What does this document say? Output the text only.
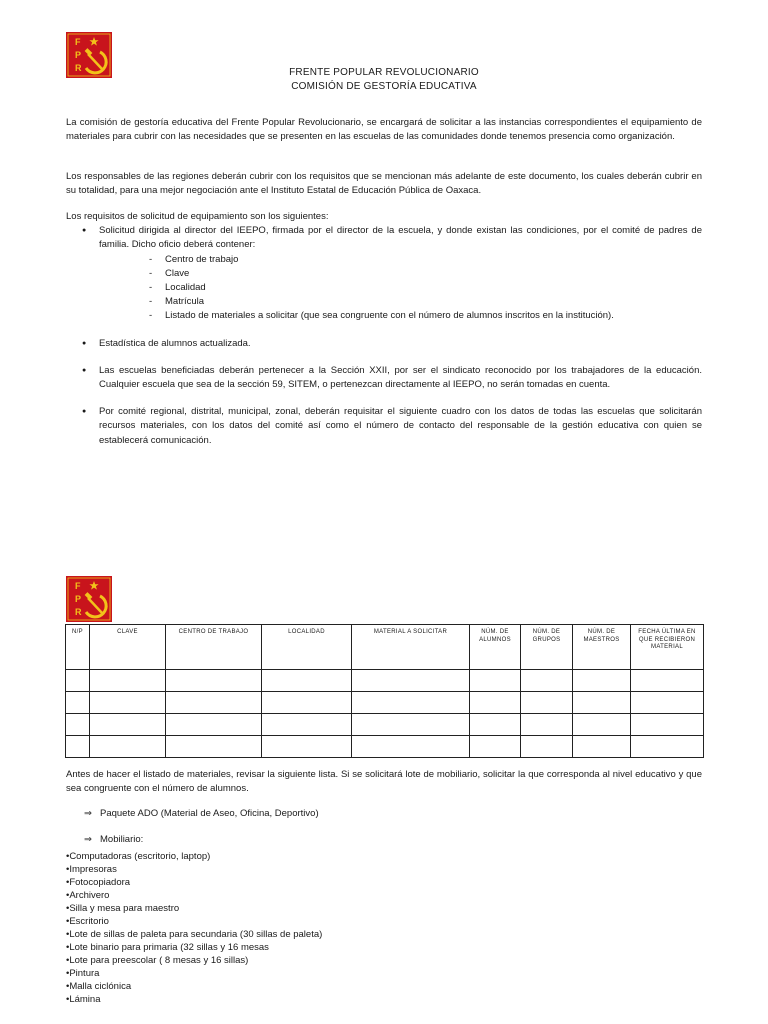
F
P
R	FRENTE POPULAR REVOLUCIONARIO
COMISIÓN DE GESTORÍA EDUCATIVA
La comisión de gestoría educativa del Frente Popular Revolucionario, se encargará de solicitar a las instancias correspondientes el equipamiento de materiales para cubrir con las necesidades que se presenten en las escuelas de las comunidades donde tenemos presencia como organización.
Los responsables de las regiones deberán cubrir con los requisitos que se mencionan más adelante de este documento, los cuales deberán cubrir en su totalidad, para una mejor negociación ante el Instituto Estatal de Educación Pública de Oaxaca.
Los requisitos de solicitud de equipamiento son los siguientes:
● Solicitud dirigida al director del IEEPO, firmada por el director de la escuela, y donde existan las condiciones, por el comité de padres de familia. Dicho oficio deberá contener:
- Centro de trabajo
- Clave
- Localidad
- Matrícula
- Listado de materiales a solicitar (que sea congruente con el número de alumnos inscritos en la institución).
● Estadística de alumnos actualizada.
● Las escuelas beneficiadas deberán pertenecer a la Sección XXII, por ser el sindicato reconocido por los trabajadores de la educación. Cualquier escuela que sea de la sección 59, SITEM, o pertenezcan directamente al IEEPO, no serán tomadas en cuenta.
● Por comité regional, distrital, municipal, zonal, deberán requisitar el siguiente cuadro con los datos de todas las escuelas que solicitarán recursos materiales, con los datos del comité así como el número de contacto del responsable de la gestión educativa con quien se establecerá comunicación.
F
P
R
N/P	CLAVE	CENTRO DE TRABAJO	LOCALIDAD	MATERIAL A SOLICITAR	NÚM. DE ALUMNOS	NÚM. DE GRUPOS	NÚM. DE MAESTROS	FECHA ÚLTIMA EN QUE RECIBIERON MATERIAL

Antes de hacer el listado de materiales, revisar la siguiente lista. Si se solicitará lote de mobiliario, solicitar la que corresponda al nivel educativo y que sea congruente con el número de alumnos.
⇒ Paquete ADO (Material de Aseo, Oficina, Deportivo)
⇒ Mobiliario:
•Computadoras (escritorio, laptop)
•Impresoras
•Fotocopiadora
•Archivero
•Silla y mesa para maestro
•Escritorio
•Lote de sillas de paleta para secundaria (30 sillas de paleta)
•Lote binario para primaria (32 sillas y 16 mesas
•Lote para preescolar ( 8 mesas y 16 sillas)
•Pintura
•Malla ciclónica
•Lámina
